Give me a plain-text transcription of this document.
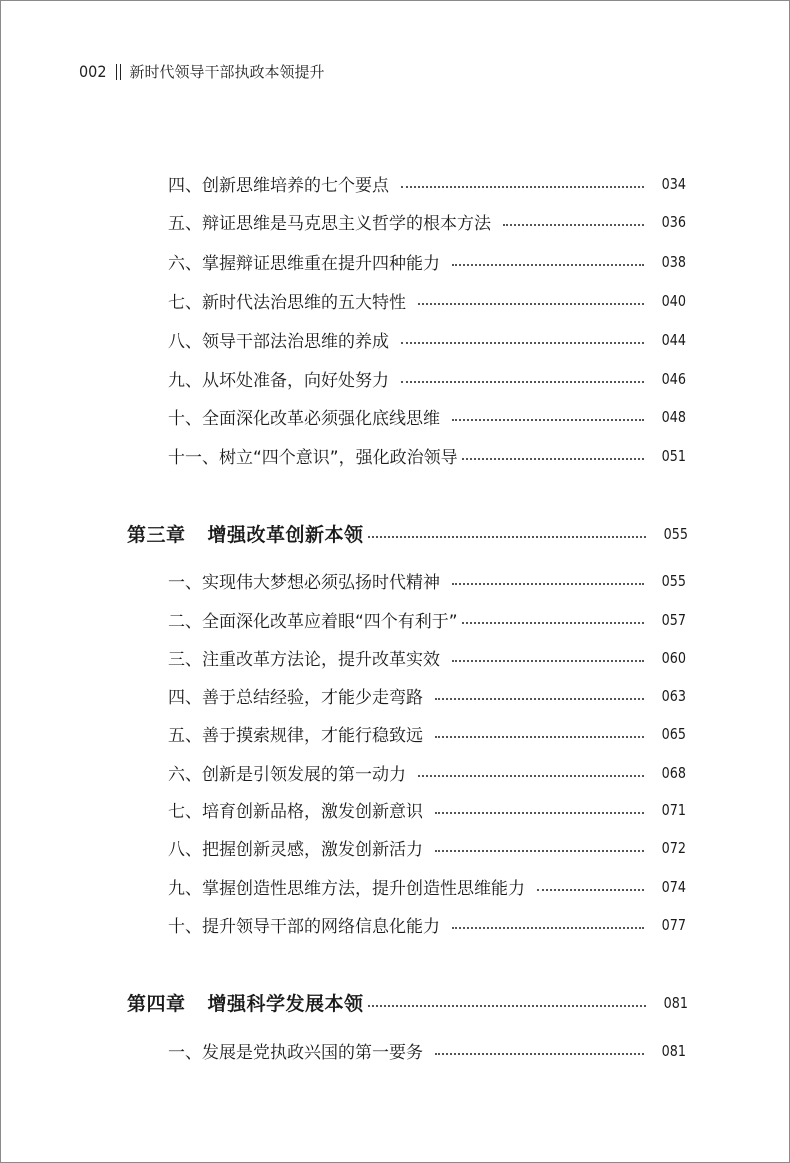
002 新时代领导干部执政本领提升
四、创新思维培养的七个要点	034
五、辩证思维是马克思主义哲学的根本方法	036
六、掌握辩证思维重在提升四种能力	038
七、新时代法治思维的五大特性	040
八、领导干部法治思维的养成	044
九、从坏处准备，向好处努力	046
十、全面深化改革必须强化底线思维	048
十一、树立“四个意识”，强化政治领导	051
第三章 增强改革创新本领	055
一、实现伟大梦想必须弘扬时代精神	055
二、全面深化改革应着眼“四个有利于”	057
三、注重改革方法论，提升改革实效	060
四、善于总结经验，才能少走弯路	063
五、善于摸索规律，才能行稳致远	065
六、创新是引领发展的第一动力	068
七、培育创新品格，激发创新意识	071
八、把握创新灵感，激发创新活力	072
九、掌握创造性思维方法，提升创造性思维能力	074
十、提升领导干部的网络信息化能力	077
第四章 增强科学发展本领	081
一、发展是党执政兴国的第一要务	081
